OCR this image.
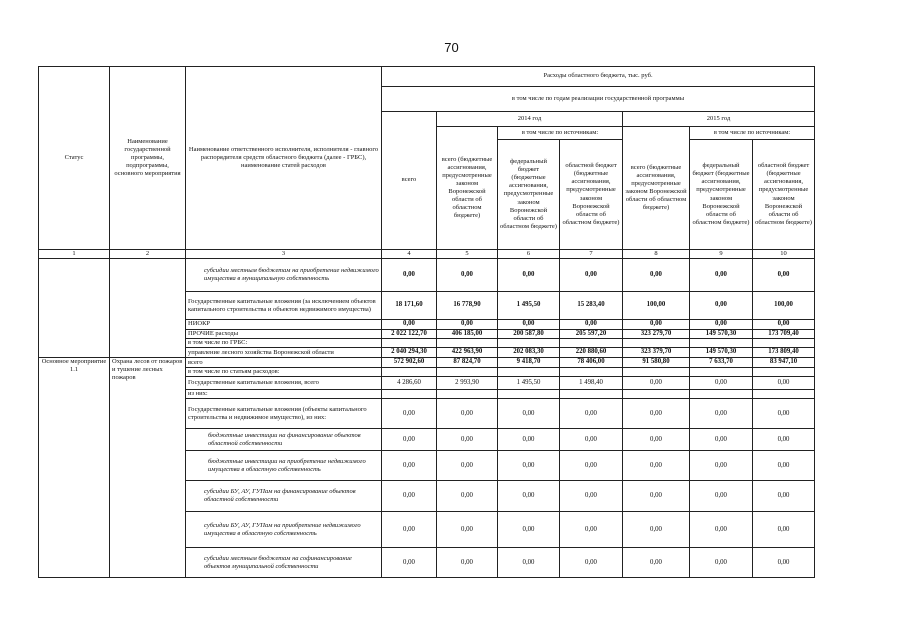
70
Статус	Наименование государственной программы, подпрограммы, основного мероприятия	Наименование ответственного исполнителя, исполнителя - главного распорядителя средств областного бюджета (далее - ГРБС), наименование статей расходов	Расходы областного бюджета, тыс. руб.						
			в том числе по годам реализации государственной программы						
			всего	2014 год			2015 год		
				всего (бюджетные ассигнования, предусмотренные законом Воронежской области об областном бюджете)	в том числе по источникам:		всего (бюджетные ассигнования, предусмотренные законом Воронежской области об областном бюджете)	в том числе по источникам:	
					федеральный бюджет (бюджетные ассигнования, предусмотренные законом Воронежской области об областном бюджете)	областной бюджет (бюджетные ассигнования, предусмотренные законом Воронежской области об областном бюджете)		федеральный бюджет (бюджетные ассигнования, предусмотренные законом Воронежской области об областном бюджете)	областной бюджет (бюджетные ассигнования, предусмотренные законом Воронежской области об областном бюджете)
1	2	3	4	5	6	7	8	9	10
		субсидии местным бюджетам на приобретение недвижимого имущества в муниципальную собственность	0,00	0,00	0,00	0,00	0,00	0,00	0,00
		Государственные капитальные вложения (за исключением объектов капитального строительства и объектов недвижимого имущества)	18 171,60	16 778,90	1 495,50	15 283,40	100,00	0,00	100,00
		НИОКР	0,00	0,00	0,00	0,00	0,00	0,00	0,00
		ПРОЧИЕ расходы	2 022 122,70	406 185,00	200 587,80	205 597,20	323 279,70	149 570,30	173 709,40
		в том числе по ГРБС:							
		управление лесного хозяйства Воронежской области	2 040 294,30	422 963,90	202 083,30	220 880,60	323 379,70	149 570,30	173 809,40
Основное мероприятие 1.1	Охрана лесов от пожаров и тушение лесных пожаров	всего	572 902,60	87 824,70	9 418,70	78 406,00	91 580,80	7 633,70	83 947,10
		в том числе по статьям расходов:							
		Государственные капитальные вложения, всего	4 286,60	2 993,90	1 495,50	1 498,40	0,00	0,00	0,00
		из них:							
		Государственные капитальные вложения (объекты капитального строительства и недвижимое имущество), из них:	0,00	0,00	0,00	0,00	0,00	0,00	0,00
		бюджетные инвестиции на финансирование объектов областной собственности	0,00	0,00	0,00	0,00	0,00	0,00	0,00
		бюджетные инвестиции на приобретение недвижимого имущества в областную собственность	0,00	0,00	0,00	0,00	0,00	0,00	0,00
		субсидии БУ, АУ, ГУПам на финансирование объектов областной собственности	0,00	0,00	0,00	0,00	0,00	0,00	0,00
		субсидии БУ, АУ, ГУПам на приобретение недвижимого имущества в областную собственность	0,00	0,00	0,00	0,00	0,00	0,00	0,00
		субсидии местным бюджетам на софинансирование объектов муниципальной собственности	0,00	0,00	0,00	0,00	0,00	0,00	0,00
